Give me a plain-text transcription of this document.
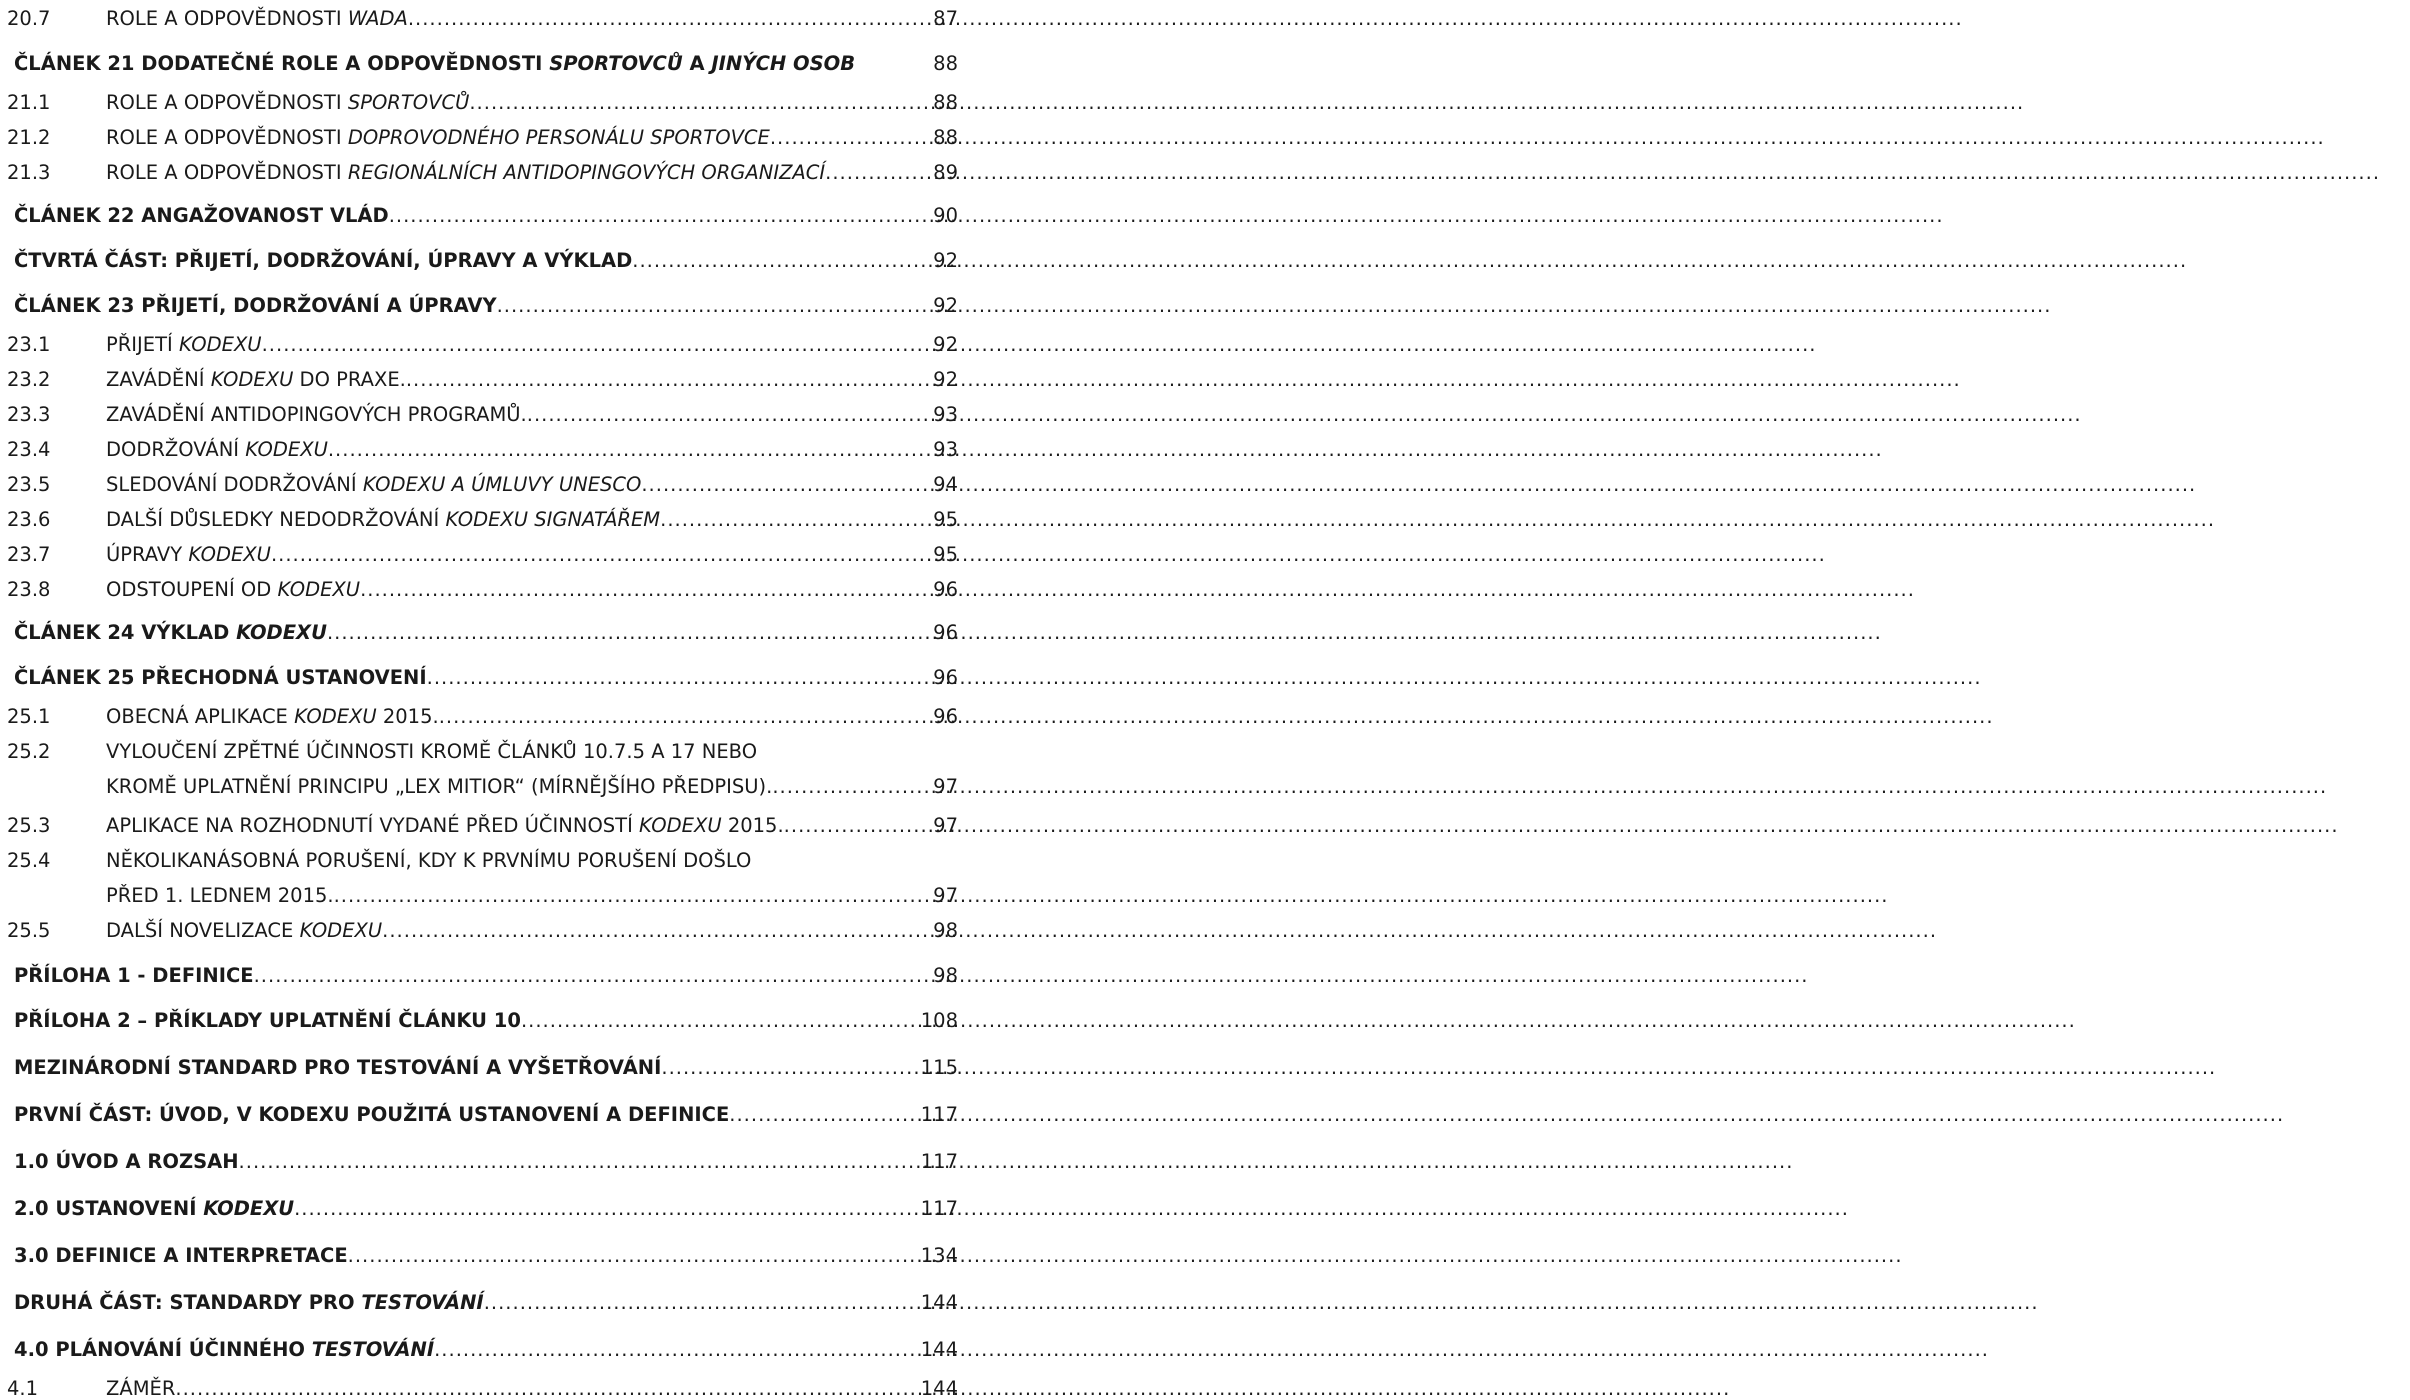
20.7	ROLE A ODPOVĚDNOSTI WADA .....	87
ČLÁNEK 21 DODATEČNÉ ROLE A ODPOVĚDNOSTI SPORTOVCŮ A JINÝCH OSOB	88
21.1	ROLE A ODPOVĚDNOSTI SPORTOVCŮ .....	88
21.2	ROLE A ODPOVĚDNOSTI DOPROVODNÉHO PERSONÁLU SPORTOVCE .....	88
21.3	ROLE A ODPOVĚDNOSTI REGIONÁLNÍCH ANTIDOPINGOVÝCH ORGANIZACÍ .....	89
ČLÁNEK 22 ANGAŽOVANOST VLÁD .....	90
ČTVRTÁ ČÁST: PŘIJETÍ, DODRŽOVÁNÍ, ÚPRAVY A VÝKLAD .....	92
ČLÁNEK 23 PŘIJETÍ, DODRŽOVÁNÍ A ÚPRAVY .....	92
23.1	PŘIJETÍ KODEXU .....	92
23.2	ZAVÁDĚNÍ KODEXU DO PRAXE. .....	92
23.3	ZAVÁDĚNÍ ANTIDOPINGOVÝCH PROGRAMŮ. .....	93
23.4	DODRŽOVÁNÍ KODEXU .....	93
23.5	SLEDOVÁNÍ DODRŽOVÁNÍ KODEXU A ÚMLUVY UNESCO .....	94
23.6	DALŠÍ DŮSLEDKY NEDODRŽOVÁNÍ KODEXU SIGNATÁŘEM .....	95
23.7	ÚPRAVY KODEXU .....	95
23.8	ODSTOUPENÍ OD KODEXU .....	96
ČLÁNEK 24 VÝKLAD KODEXU .....	96
ČLÁNEK 25 PŘECHODNÁ USTANOVENÍ .....	96
25.1	OBECNÁ APLIKACE KODEXU 2015. .....	96
25.2	VYLOUČENÍ ZPĚTNÉ ÚČINNOSTI KROMĚ ČLÁNKŮ 10.7.5 A 17 NEBO
KROMĚ UPLATNĚNÍ PRINCIPU „LEX MITIOR“ (MÍRNĚJŠÍHO PŘEDPISU). .....	97
25.3	APLIKACE NA ROZHODNUTÍ VYDANÉ PŘED ÚČINNOSTÍ KODEXU 2015. .....	97
25.4	NĚKOLIKANÁSOBNÁ PORUŠENÍ, KDY K PRVNÍMU PORUŠENÍ DOŠLO
PŘED 1. LEDNEM 2015. .....	97
25.5	DALŠÍ NOVELIZACE KODEXU .....	98
PŘÍLOHA 1 - DEFINICE .....	98
PŘÍLOHA 2 – PŘÍKLADY UPLATNĚNÍ ČLÁNKU 10 .....	108
MEZINÁRODNÍ STANDARD PRO TESTOVÁNÍ A VYŠETŘOVÁNÍ .....	115
PRVNÍ ČÁST: ÚVOD, V KODEXU POUŽITÁ USTANOVENÍ A DEFINICE .....	117
1.0 ÚVOD A ROZSAH .....	117
2.0 USTANOVENÍ KODEXU .....	117
3.0 DEFINICE A INTERPRETACE .....	134
DRUHÁ ČÁST: STANDARDY PRO TESTOVÁNÍ .....	144
4.0 PLÁNOVÁNÍ ÚČINNÉHO TESTOVÁNÍ .....	144
4.1	ZÁMĚR .....	144
